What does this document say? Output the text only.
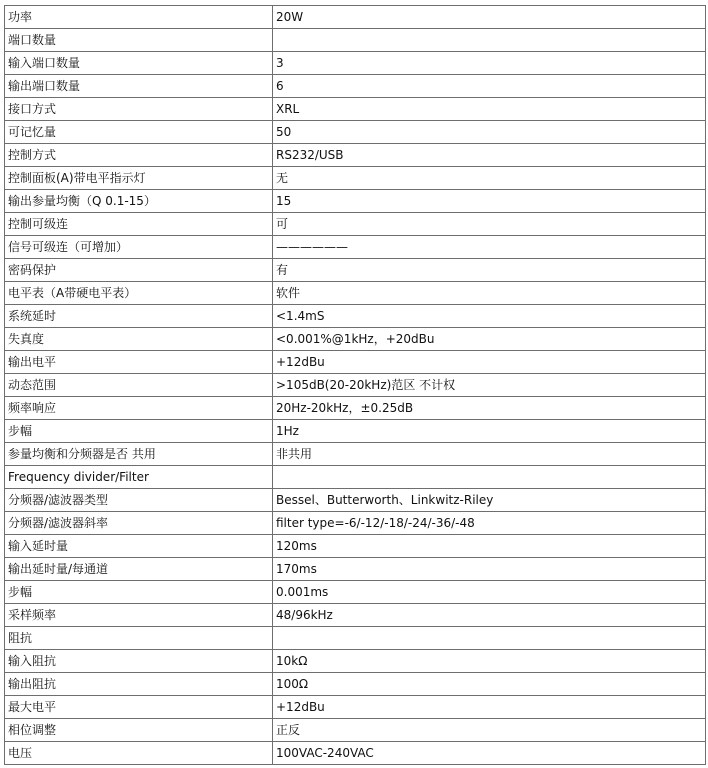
功率	20W
端口数量	
输入端口数量	3
输出端口数量	6
接口方式	XRL
可记忆量	50
控制方式	RS232/USB
控制面板(A)带电平指示灯	无
输出参量均衡（Q 0.1-15）	15
控制可级连	可
信号可级连（可增加）	——————
密码保护	有
电平表（A带硬电平表）	软件
系统延时	<1.4mS
失真度	<0.001%@1kHz，+20dBu
输出电平	+12dBu
动态范围	>105dB(20-20kHz)范区 不计权
频率响应	20Hz-20kHz，±0.25dB
步幅	1Hz
参量均衡和分频器是否 共用	非共用
Frequency divider/Filter	
分频器/滤波器类型	Bessel、Butterworth、Linkwitz-Riley
分频器/滤波器斜率	filter type=-6/-12/-18/-24/-36/-48
输入延时量	120ms
输出延时量/每通道	170ms
步幅	0.001ms
采样频率	48/96kHz
阻抗	
输入阻抗	10kΩ
输出阻抗	100Ω
最大电平	+12dBu
相位调整	正反
电压	100VAC-240VAC
